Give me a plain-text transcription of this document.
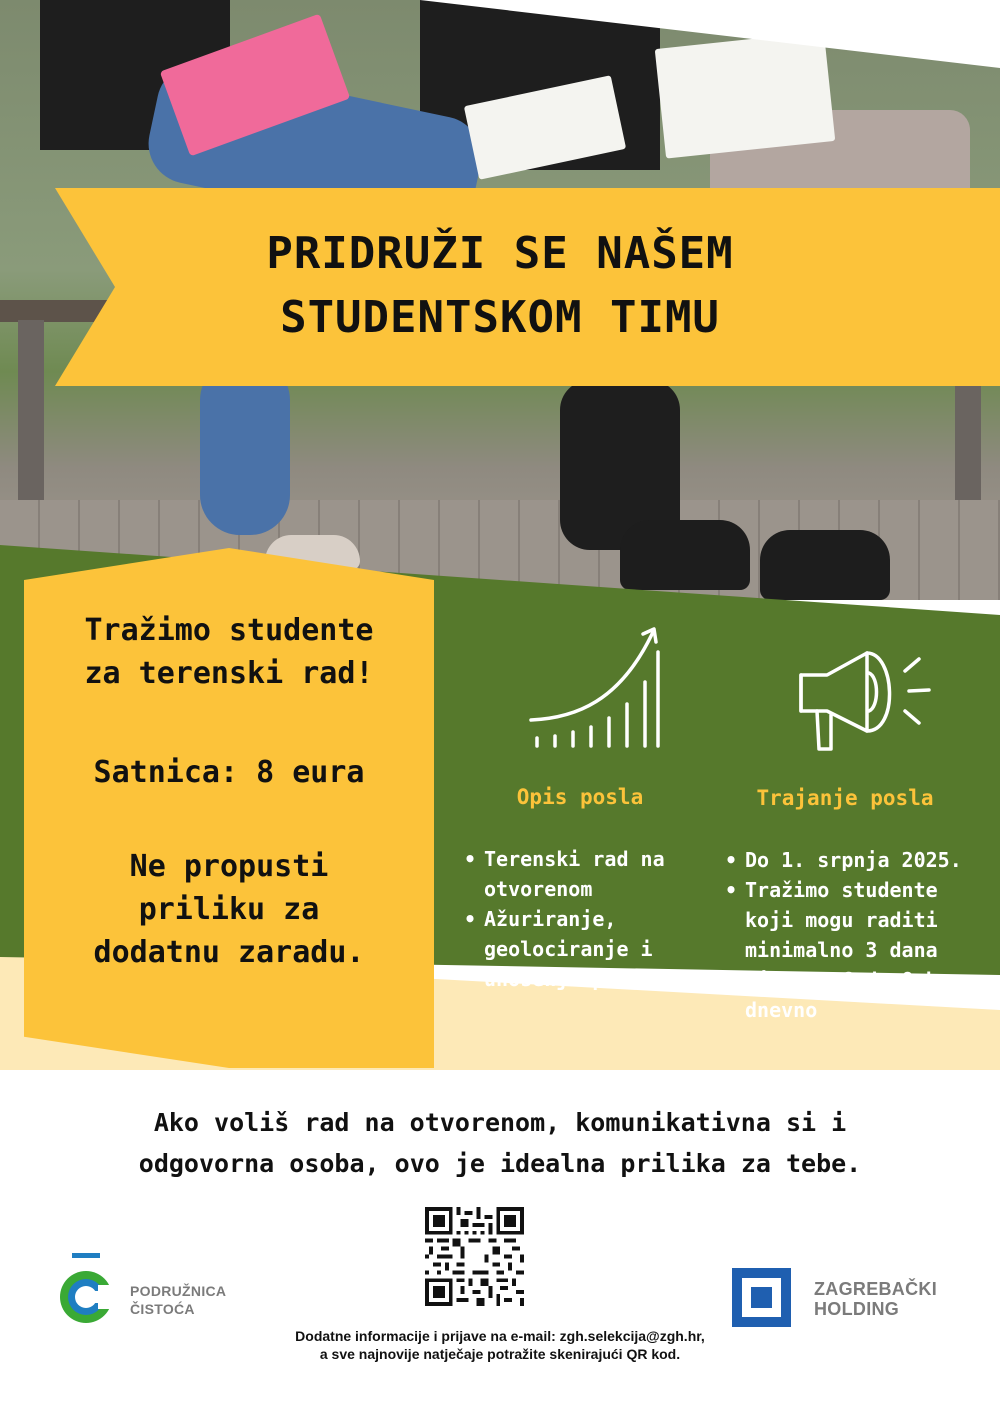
PRIDRUŽI SE NAŠEM
STUDENTSKOM TIMU

Tražimo studente
za terenski rad!

Satnica: 8 eura

Ne propusti
priliku za
dodatnu zaradu.

Opis posla	Trajanje posla
• Terenski rad na
otvorenom
• Ažuriranje,
geolociranje i
unošenje podataka
• Do 1. srpnja 2025.
• Tražimo studente
koji mogu raditi
minimalno 3 dana
tjedno, 6 do 8 h
dnevno

Ako voliš rad na otvorenom, komunikativna si i
odgovorna osoba, ovo je idealna prilika za tebe.

PODRUŽNICA
ČISTOĆA
ZAGREBAČKI
HOLDING

Dodatne informacije i prijave na e-mail: zgh.selekcija@zgh.hr,
a sve najnovije natječaje potražite skenirajući QR kod.
